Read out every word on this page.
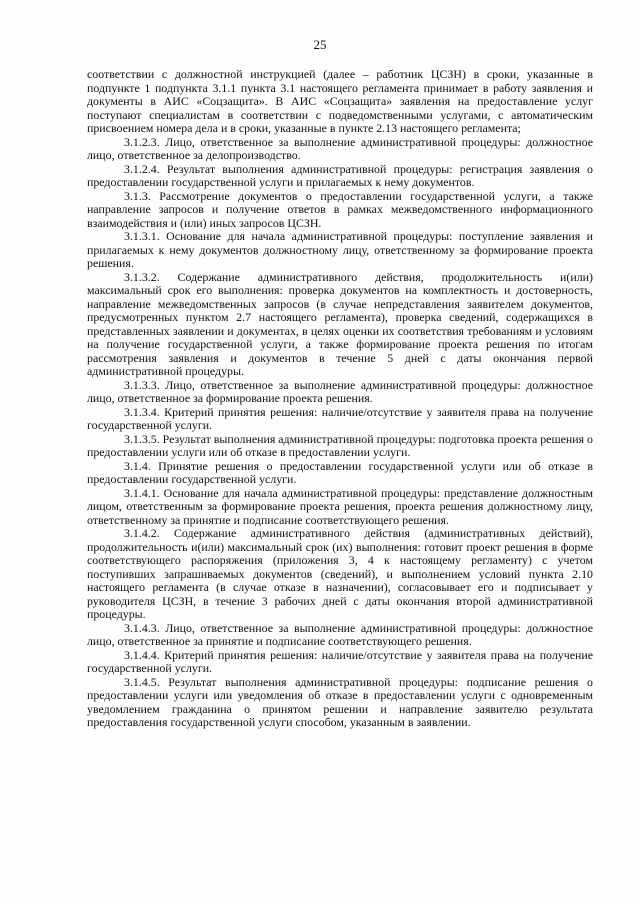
25

соответствии с должностной инструкцией (далее – работник ЦСЗН) в сроки, указанные в подпункте 1 подпункта 3.1.1 пункта 3.1 настоящего регламента принимает в работу заявления и документы в АИС «Соцзащита». В АИС «Соцзащита» заявления на предоставление услуг поступают специалистам в соответствии с подведомственными услугами, с автоматическим присвоением номера дела и в сроки, указанные в пункте 2.13 настоящего регламента;

3.1.2.3. Лицо, ответственное за выполнение административной процедуры: должностное лицо, ответственное за делопроизводство.

3.1.2.4. Результат выполнения административной процедуры: регистрация заявления о предоставлении государственной услуги и прилагаемых к нему документов.

3.1.3. Рассмотрение документов о предоставлении государственной услуги, а также направление запросов и получение ответов в рамках межведомственного информационного взаимодействия и (или) иных запросов ЦСЗН.

3.1.3.1. Основание для начала административной процедуры: поступление заявления и прилагаемых к нему документов должностному лицу, ответственному за формирование проекта решения.

3.1.3.2. Содержание административного действия, продолжительность и(или) максимальный срок его выполнения: проверка документов на комплектность и достоверность, направление межведомственных запросов (в случае непредставления заявителем документов, предусмотренных пунктом 2.7 настоящего регламента), проверка сведений, содержащихся в представленных заявлении и документах, в целях оценки их соответствия требованиям и условиям на получение государственной услуги, а также формирование проекта решения по итогам рассмотрения заявления и документов в течение 5 дней с даты окончания первой административной процедуры.

3.1.3.3. Лицо, ответственное за выполнение административной процедуры: должностное лицо, ответственное за формирование проекта решения.

3.1.3.4. Критерий принятия решения: наличие/отсутствие у заявителя права на получение государственной услуги.

3.1.3.5. Результат выполнения административной процедуры: подготовка проекта решения о предоставлении услуги или об отказе в предоставлении услуги.

3.1.4. Принятие решения о предоставлении государственной услуги или об отказе в предоставлении государственной услуги.

3.1.4.1. Основание для начала административной процедуры: представление должностным лицом, ответственным за формирование проекта решения, проекта решения должностному лицу, ответственному за принятие и подписание соответствующего решения.

3.1.4.2. Содержание административного действия (административных действий), продолжительность и(или) максимальный срок (их) выполнения: готовит проект решения в форме соответствующего распоряжения (приложения 3, 4 к настоящему регламенту) с учетом поступивших запрашиваемых документов (сведений), и выполнением условий пункта 2.10 настоящего регламента (в случае отказе в назначении), согласовывает его и подписывает у руководителя ЦСЗН, в течение 3 рабочих дней с даты окончания второй административной процедуры.

3.1.4.3. Лицо, ответственное за выполнение административной процедуры: должностное лицо, ответственное за принятие и подписание соответствующего решения.

3.1.4.4. Критерий принятия решения: наличие/отсутствие у заявителя права на получение государственной услуги.

3.1.4.5. Результат выполнения административной процедуры: подписание решения о предоставлении услуги или уведомления об отказе в предоставлении услуги с одновременным уведомлением гражданина о принятом решении и направление заявителю результата предоставления государственной услуги способом, указанным в заявлении.
